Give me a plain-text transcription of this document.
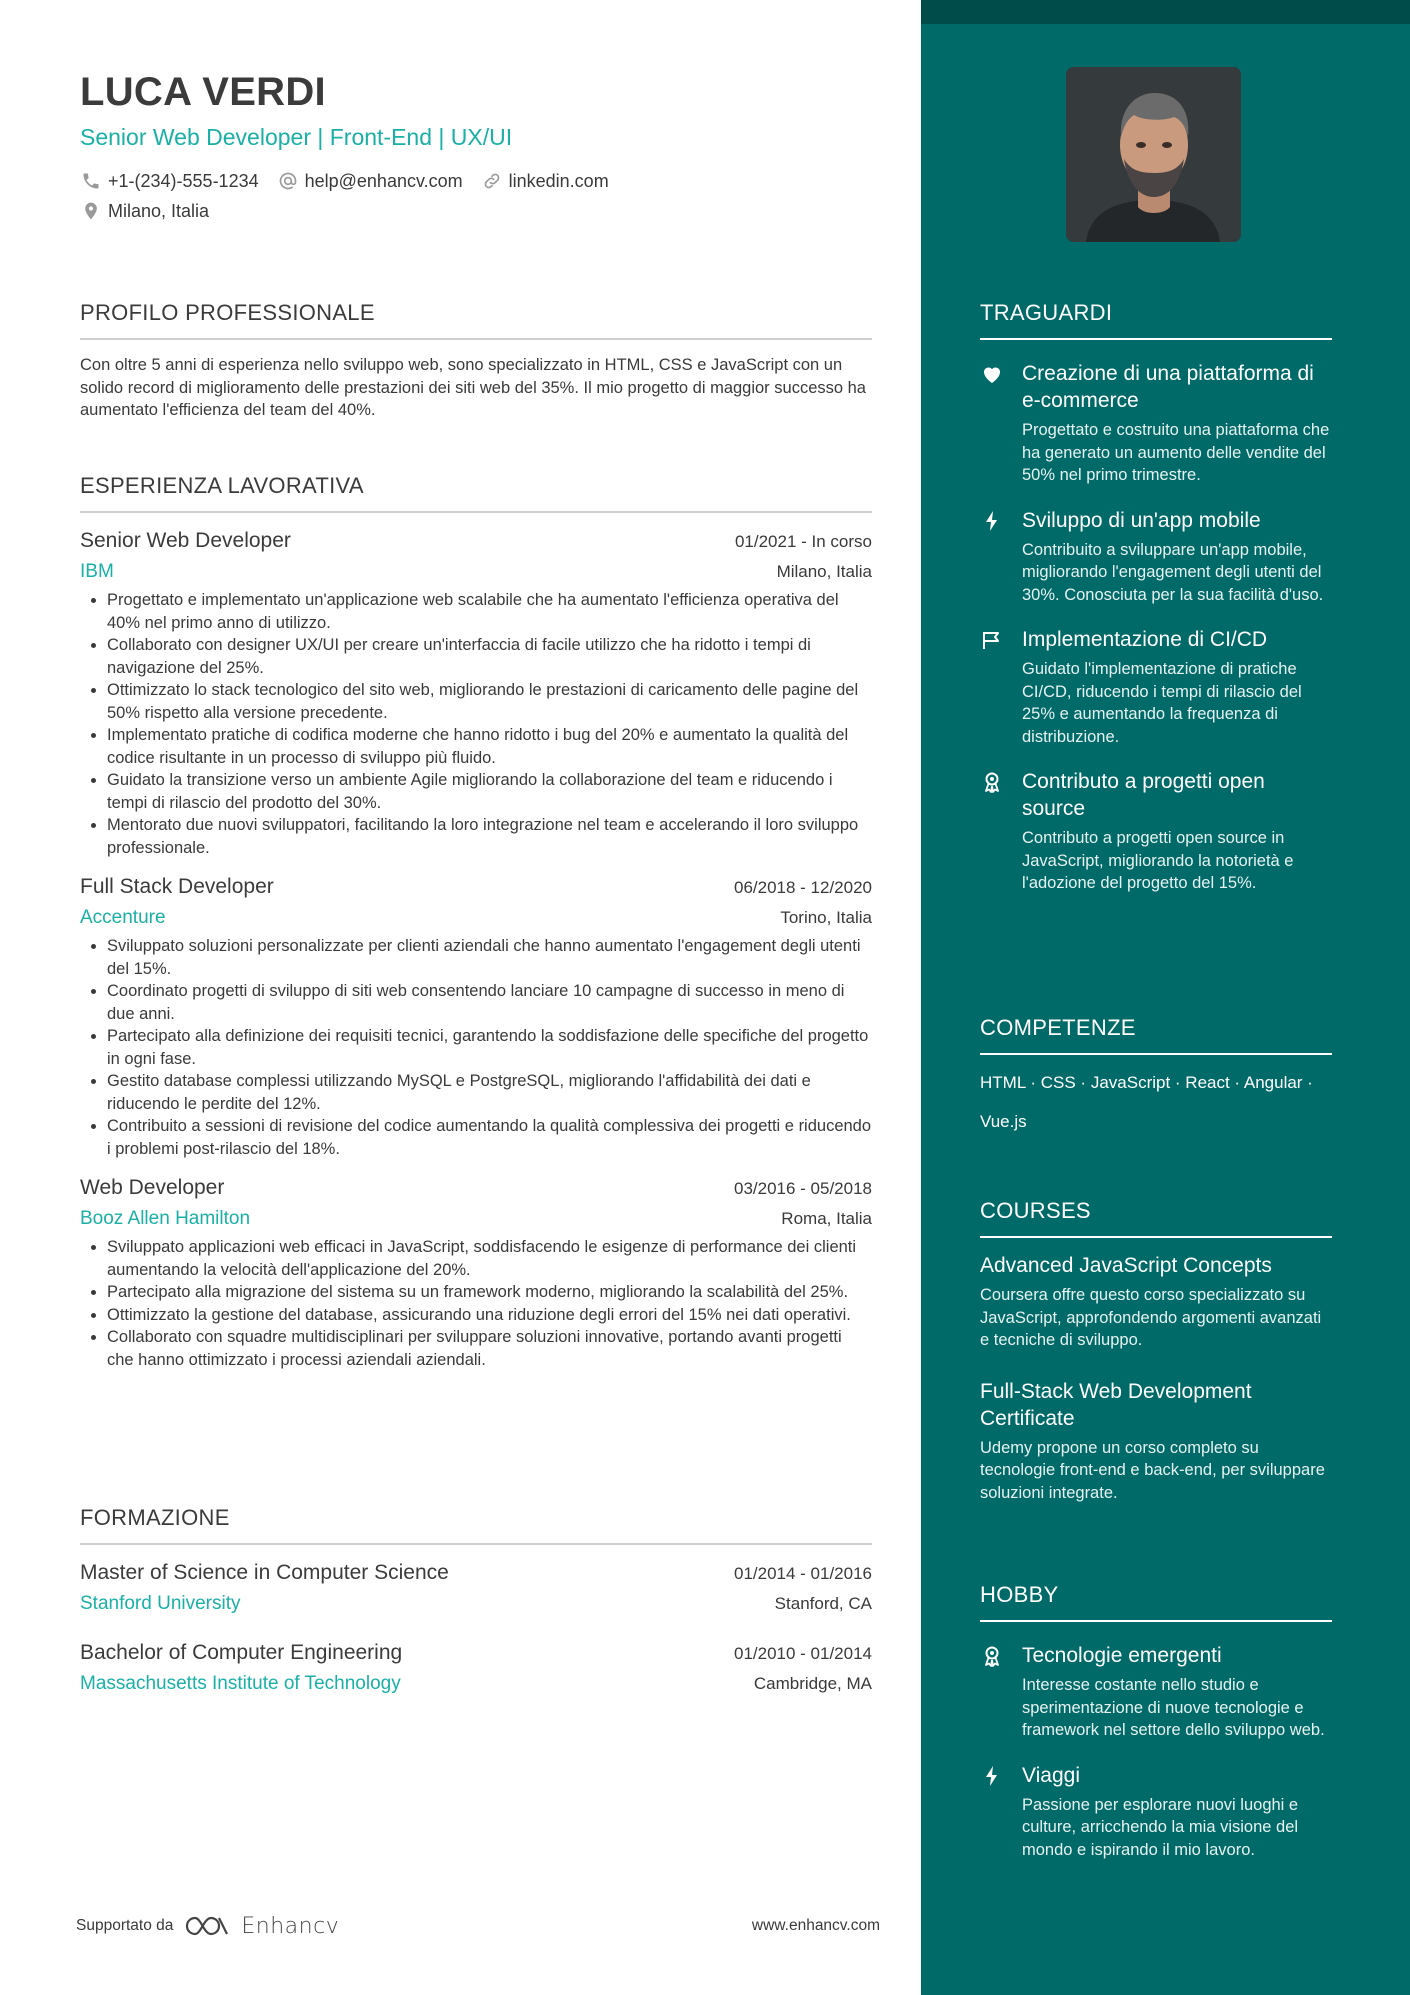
LUCA VERDI
Senior Web Developer | Front-End | UX/UI
+1-(234)-555-1234	help@enhancv.com	linkedin.com
Milano, Italia
PROFILO PROFESSIONALE
Con oltre 5 anni di esperienza nello sviluppo web, sono specializzato in HTML, CSS e JavaScript con un solido record di miglioramento delle prestazioni dei siti web del 35%. Il mio progetto di maggior successo ha aumentato l'efficienza del team del 40%.
ESPERIENZA LAVORATIVA
Senior Web Developer	01/2021 - In corso
IBM	Milano, Italia
• Progettato e implementato un'applicazione web scalabile che ha aumentato l'efficienza operativa del 40% nel primo anno di utilizzo.
• Collaborato con designer UX/UI per creare un'interfaccia di facile utilizzo che ha ridotto i tempi di navigazione del 25%.
• Ottimizzato lo stack tecnologico del sito web, migliorando le prestazioni di caricamento delle pagine del 50% rispetto alla versione precedente.
• Implementato pratiche di codifica moderne che hanno ridotto i bug del 20% e aumentato la qualità del codice risultante in un processo di sviluppo più fluido.
• Guidato la transizione verso un ambiente Agile migliorando la collaborazione del team e riducendo i tempi di rilascio del prodotto del 30%.
• Mentorato due nuovi sviluppatori, facilitando la loro integrazione nel team e accelerando il loro sviluppo professionale.
Full Stack Developer	06/2018 - 12/2020
Accenture	Torino, Italia
• Sviluppato soluzioni personalizzate per clienti aziendali che hanno aumentato l'engagement degli utenti del 15%.
• Coordinato progetti di sviluppo di siti web consentendo lanciare 10 campagne di successo in meno di due anni.
• Partecipato alla definizione dei requisiti tecnici, garantendo la soddisfazione delle specifiche del progetto in ogni fase.
• Gestito database complessi utilizzando MySQL e PostgreSQL, migliorando l'affidabilità dei dati e riducendo le perdite del 12%.
• Contribuito a sessioni di revisione del codice aumentando la qualità complessiva dei progetti e riducendo i problemi post-rilascio del 18%.
Web Developer	03/2016 - 05/2018
Booz Allen Hamilton	Roma, Italia
• Sviluppato applicazioni web efficaci in JavaScript, soddisfacendo le esigenze di performance dei clienti aumentando la velocità dell'applicazione del 20%.
• Partecipato alla migrazione del sistema su un framework moderno, migliorando la scalabilità del 25%.
• Ottimizzato la gestione del database, assicurando una riduzione degli errori del 15% nei dati operativi.
• Collaborato con squadre multidisciplinari per sviluppare soluzioni innovative, portando avanti progetti che hanno ottimizzato i processi aziendali aziendali.
FORMAZIONE
Master of Science in Computer Science	01/2014 - 01/2016
Stanford University	Stanford, CA
Bachelor of Computer Engineering	01/2010 - 01/2014
Massachusetts Institute of Technology	Cambridge, MA
Supportato da	Enhancv	www.enhancv.com
TRAGUARDI
Creazione di una piattaforma di e-commerce
Progettato e costruito una piattaforma che ha generato un aumento delle vendite del 50% nel primo trimestre.
Sviluppo di un'app mobile
Contribuito a sviluppare un'app mobile, migliorando l'engagement degli utenti del 30%. Conosciuta per la sua facilità d'uso.
Implementazione di CI/CD
Guidato l'implementazione di pratiche CI/CD, riducendo i tempi di rilascio del 25% e aumentando la frequenza di distribuzione.
Contributo a progetti open source
Contributo a progetti open source in JavaScript, migliorando la notorietà e l'adozione del progetto del 15%.
COMPETENZE
HTML · CSS · JavaScript · React · Angular ·
Vue.js
COURSES
Advanced JavaScript Concepts
Coursera offre questo corso specializzato su JavaScript, approfondendo argomenti avanzati e tecniche di sviluppo.
Full-Stack Web Development Certificate
Udemy propone un corso completo su tecnologie front-end e back-end, per sviluppare soluzioni integrate.
HOBBY
Tecnologie emergenti
Interesse costante nello studio e sperimentazione di nuove tecnologie e framework nel settore dello sviluppo web.
Viaggi
Passione per esplorare nuovi luoghi e culture, arricchendo la mia visione del mondo e ispirando il mio lavoro.
